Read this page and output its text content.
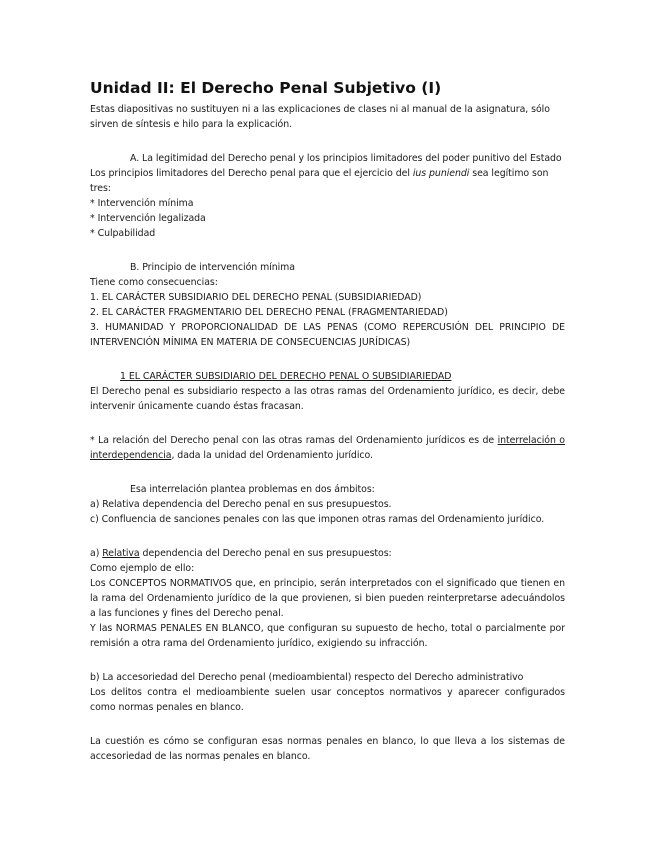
Unidad II: El Derecho Penal Subjetivo (I)

Estas diapositivas no sustituyen ni a las explicaciones de clases ni al manual de la asignatura, sólo sirven de síntesis e hilo para la explicación.

A. La legitimidad del Derecho penal y los principios limitadores del poder punitivo del Estado

Los principios limitadores del Derecho penal para que el ejercicio del ius puniendi sea legítimo son tres:

* Intervención mínima

* Intervención legalizada

* Culpabilidad

B. Principio de intervención mínima

Tiene como consecuencias:

1. EL CARÁCTER SUBSIDIARIO DEL DERECHO PENAL (SUBSIDIARIEDAD)

2. EL CARÁCTER FRAGMENTARIO DEL DERECHO PENAL (FRAGMENTARIEDAD)

3. HUMANIDAD Y PROPORCIONALIDAD DE LAS PENAS (COMO REPERCUSIÓN DEL PRINCIPIO DE INTERVENCIÓN MÍNIMA EN MATERIA DE CONSECUENCIAS JURÍDICAS)

1 EL CARÁCTER SUBSIDIARIO DEL DERECHO PENAL O SUBSIDIARIEDAD

El Derecho penal es subsidiario respecto a las otras ramas del Ordenamiento jurídico, es decir, debe intervenir únicamente cuando éstas fracasan.

* La relación del Derecho penal con las otras ramas del Ordenamiento jurídicos es de interrelación o interdependencia, dada la unidad del Ordenamiento jurídico.

Esa interrelación plantea problemas en dos ámbitos:

a) Relativa dependencia del Derecho penal en sus presupuestos.

c) Confluencia de sanciones penales con las que imponen otras ramas del Ordenamiento jurídico.

a) Relativa dependencia del Derecho penal en sus presupuestos:

Como ejemplo de ello:

Los CONCEPTOS NORMATIVOS que, en principio, serán interpretados con el significado que tienen en la rama del Ordenamiento jurídico de la que provienen, si bien pueden reinterpretarse adecuándolos a las funciones y fines del Derecho penal.

Y las NORMAS PENALES EN BLANCO, que configuran su supuesto de hecho, total o parcialmente por remisión a otra rama del Ordenamiento jurídico, exigiendo su infracción.

b) La accesoriedad del Derecho penal (medioambiental) respecto del Derecho administrativo

Los delitos contra el medioambiente suelen usar conceptos normativos y aparecer configurados como normas penales en blanco.

La cuestión es cómo se configuran esas normas penales en blanco, lo que lleva a los sistemas de accesoriedad de las normas penales en blanco.
